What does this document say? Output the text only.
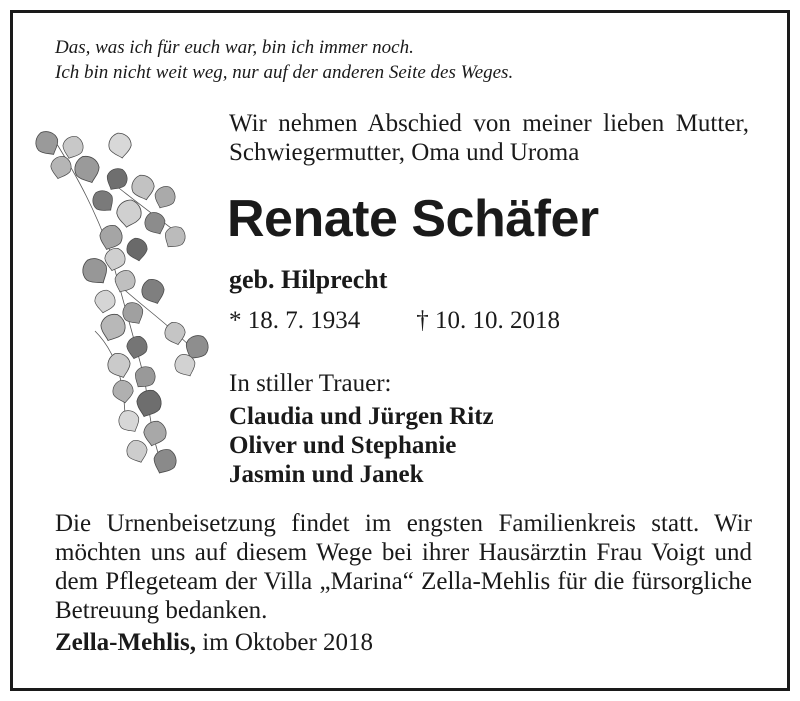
Das, was ich für euch war, bin ich immer noch.
Ich bin nicht weit weg, nur auf der anderen Seite des Weges.
Wir nehmen Abschied von meiner lieben Mutter, Schwiegermutter, Oma und Uroma
Renate Schäfer
geb. Hilprecht
* 18. 7. 1934 † 10. 10. 2018
In stiller Trauer:
Claudia und Jürgen Ritz
Oliver und Stephanie
Jasmin und Janek
Die Urnenbeisetzung findet im engsten Familienkreis statt. Wir möchten uns auf diesem Wege bei ihrer Hausärztin Frau Voigt und dem Pflegeteam der Villa „Marina“ Zella-Mehlis für die fürsorgliche Betreuung bedanken.
Zella-Mehlis, im Oktober 2018
